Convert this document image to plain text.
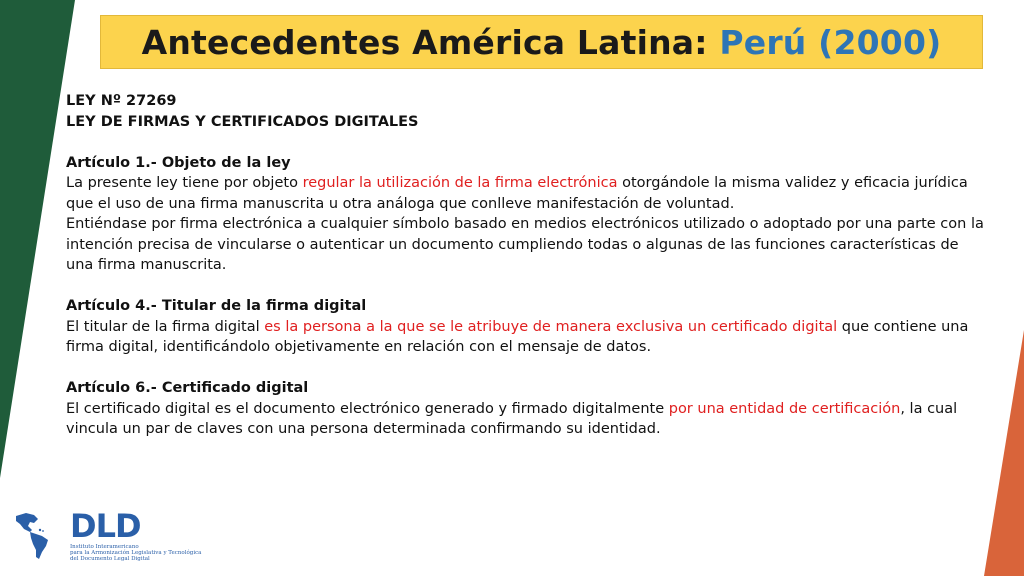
Antecedentes América Latina: Perú (2000)

LEY Nº 27269

LEY DE FIRMAS Y CERTIFICADOS DIGITALES

Artículo 1.- Objeto de la ley

La presente ley tiene por objeto regular la utilización de la firma electrónica otorgándole la misma validez y eficacia jurídica que el uso de una firma manuscrita u otra análoga que conlleve manifestación de voluntad.

Entiéndase por firma electrónica a cualquier símbolo basado en medios electrónicos utilizado o adoptado por una parte con la intención precisa de vincularse o autenticar un documento cumpliendo todas o algunas de las funciones características de una firma manuscrita.

Artículo 4.- Titular de la firma digital

El titular de la firma digital es la persona a la que se le atribuye de manera exclusiva un certificado digital que contiene una firma digital, identificándolo objetivamente en relación con el mensaje de datos.

Artículo 6.- Certificado digital

El certificado digital es el documento electrónico generado y firmado digitalmente por una entidad de certificación, la cual vincula un par de claves con una persona determinada confirmando su identidad.

DLD
Instituto Interamericano
para la Armonización Legislativa y Tecnológica
del Documento Legal Digital
